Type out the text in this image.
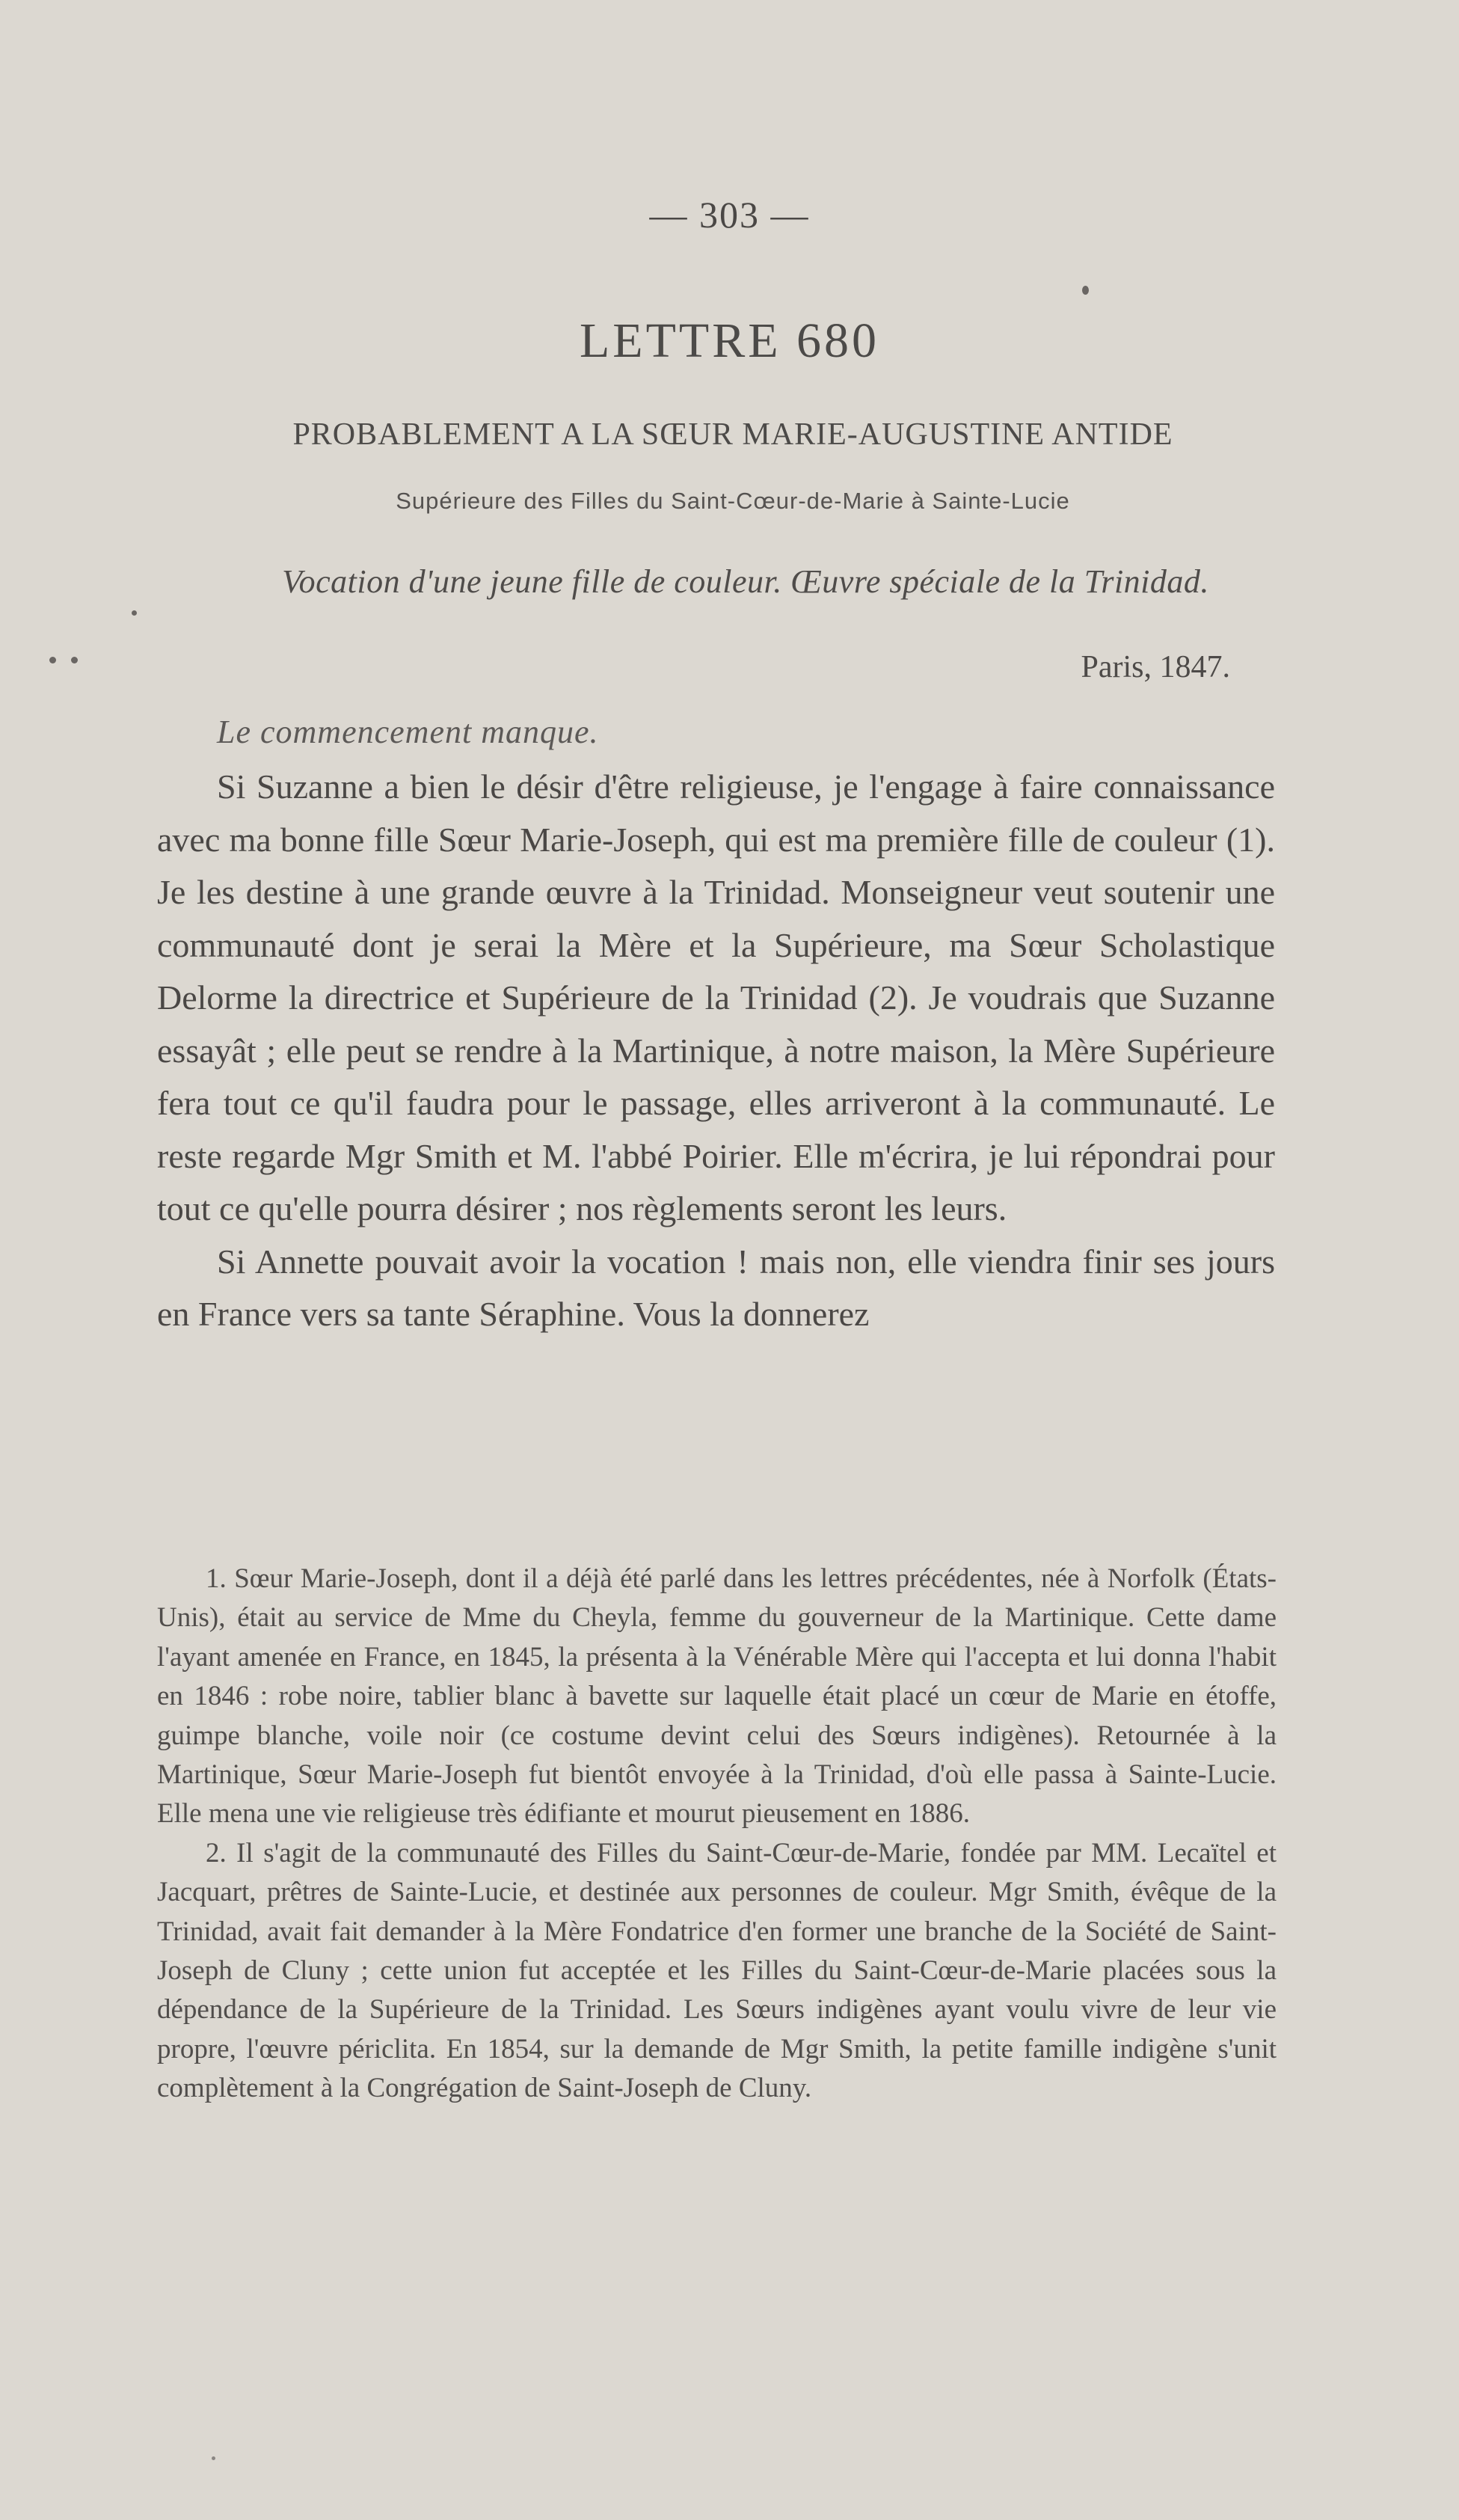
— 303 —
LETTRE 680
PROBABLEMENT A LA SŒUR MARIE-AUGUSTINE ANTIDE
Supérieure des Filles du Saint-Cœur-de-Marie à Sainte-Lucie
Vocation d'une jeune fille de couleur. Œuvre spéciale de la Trinidad.
Paris, 1847.
Le commencement manque.

Si Suzanne a bien le désir d'être religieuse, je l'engage à faire connaissance avec ma bonne fille Sœur Marie-Joseph, qui est ma première fille de couleur (1). Je les destine à une grande œuvre à la Trinidad. Monseigneur veut soutenir une communauté dont je serai la Mère et la Supérieure, ma Sœur Scholastique Delorme la directrice et Supérieure de la Trinidad (2). Je voudrais que Suzanne essayât ; elle peut se rendre à la Martinique, à notre maison, la Mère Supérieure fera tout ce qu'il faudra pour le passage, elles arriveront à la communauté. Le reste regarde Mgr Smith et M. l'abbé Poirier. Elle m'écrira, je lui répondrai pour tout ce qu'elle pourra désirer ; nos règlements seront les leurs.

Si Annette pouvait avoir la vocation ! mais non, elle viendra finir ses jours en France vers sa tante Séraphine. Vous la donnerez

1. Sœur Marie-Joseph, dont il a déjà été parlé dans les lettres précédentes, née à Norfolk (États-Unis), était au service de Mme du Cheyla, femme du gouverneur de la Martinique. Cette dame l'ayant amenée en France, en 1845, la présenta à la Vénérable Mère qui l'accepta et lui donna l'habit en 1846 : robe noire, tablier blanc à bavette sur laquelle était placé un cœur de Marie en étoffe, guimpe blanche, voile noir (ce costume devint celui des Sœurs indigènes). Retournée à la Martinique, Sœur Marie-Joseph fut bientôt envoyée à la Trinidad, d'où elle passa à Sainte-Lucie. Elle mena une vie religieuse très édifiante et mourut pieusement en 1886.

2. Il s'agit de la communauté des Filles du Saint-Cœur-de-Marie, fondée par MM. Lecaïtel et Jacquart, prêtres de Sainte-Lucie, et destinée aux personnes de couleur. Mgr Smith, évêque de la Trinidad, avait fait demander à la Mère Fondatrice d'en former une branche de la Société de Saint-Joseph de Cluny ; cette union fut acceptée et les Filles du Saint-Cœur-de-Marie placées sous la dépendance de la Supérieure de la Trinidad. Les Sœurs indigènes ayant voulu vivre de leur vie propre, l'œuvre périclita. En 1854, sur la demande de Mgr Smith, la petite famille indigène s'unit complètement à la Congrégation de Saint-Joseph de Cluny.
